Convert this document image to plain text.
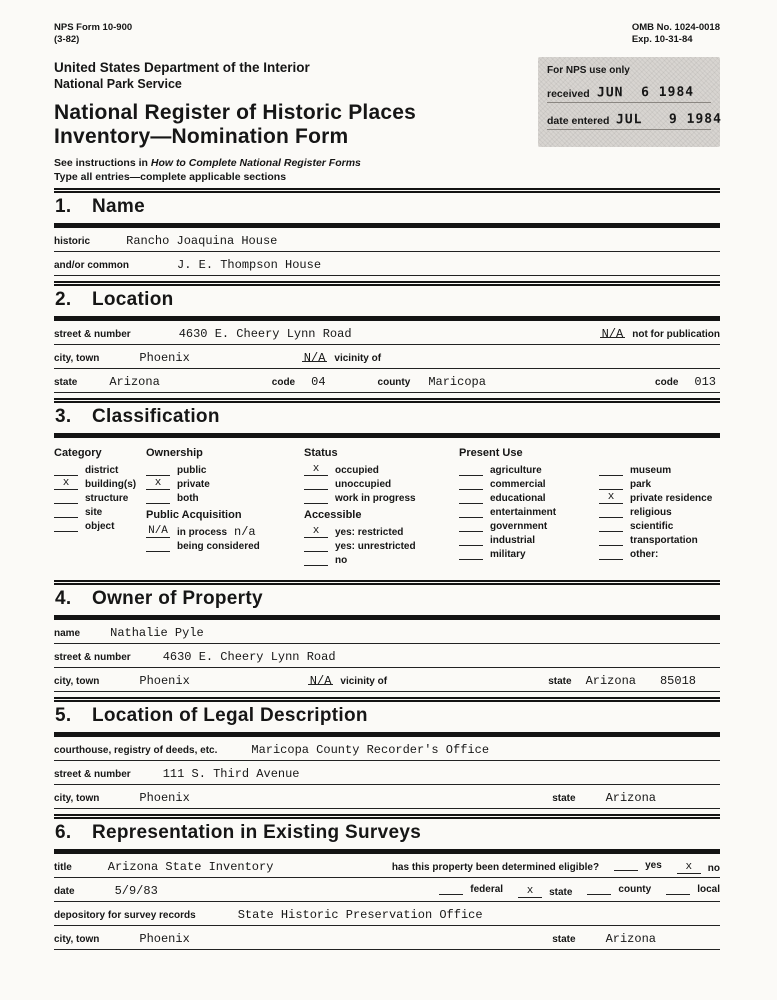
NPS Form 10-900
(3-82)
OMB No. 1024-0018
Exp. 10-31-84
United States Department of the Interior
National Park Service
National Register of Historic Places
Inventory—Nomination Form
See instructions in How to Complete National Register Forms
Type all entries—complete applicable sections
For NPS use only
received JUN  6 1984
date entered JUL   9 1984
1.	Name
historic	Rancho Joaquina House
and/or common	J. E. Thompson House
2.	Location
street & number	4630 E. Cheery Lynn Road	N/A not for publication
city, town	Phoenix	N/A vicinity of
state	Arizona	code 04	county Maricopa	code 013
3.	Classification
Category
district
x building(s)
structure
site
object
Ownership
public
x private
both
Public Acquisition
N/A in process n/a
being considered
Status
x occupied
unoccupied
work in progress
Accessible
x yes: restricted
yes: unrestricted
no
Present Use
agriculture
commercial
educational
entertainment
government
industrial
military
museum
park
x private residence
religious
scientific
transportation
other:
4.	Owner of Property
name	Nathalie Pyle
street & number	4630 E. Cheery Lynn Road
city, town	Phoenix	N/A vicinity of	state Arizona 85018
5.	Location of Legal Description
courthouse, registry of deeds, etc.	Maricopa County Recorder's Office
street & number	111 S. Third Avenue
city, town	Phoenix	state	Arizona
6.	Representation in Existing Surveys
title	Arizona State Inventory	has this property been determined eligible?	yes x no
date	5/9/83	federal x state	county	local
depository for survey records	State Historic Preservation Office
city, town	Phoenix	state	Arizona
